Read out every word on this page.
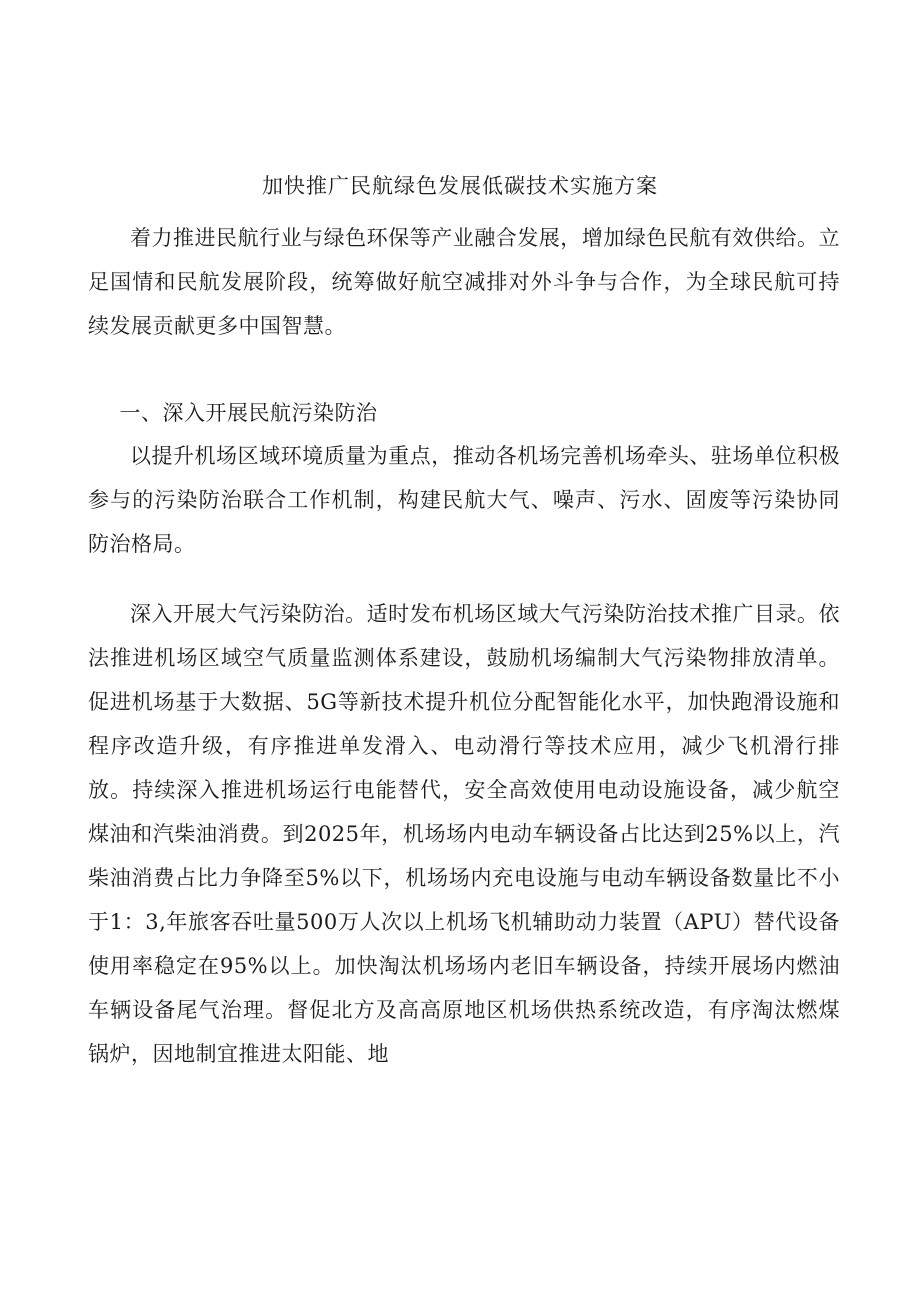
加快推广民航绿色发展低碳技术实施方案

着力推进民航行业与绿色环保等产业融合发展，增加绿色民航有效供给。立足国情和民航发展阶段，统筹做好航空减排对外斗争与合作，为全球民航可持续发展贡献更多中国智慧。

一、深入开展民航污染防治

以提升机场区域环境质量为重点，推动各机场完善机场牵头、驻场单位积极参与的污染防治联合工作机制，构建民航大气、噪声、污水、固废等污染协同防治格局。

深入开展大气污染防治。适时发布机场区域大气污染防治技术推广目录。依法推进机场区域空气质量监测体系建设，鼓励机场编制大气污染物排放清单。促进机场基于大数据、5G等新技术提升机位分配智能化水平，加快跑滑设施和程序改造升级，有序推进单发滑入、电动滑行等技术应用，减少飞机滑行排放。持续深入推进机场运行电能替代，安全高效使用电动设施设备，减少航空煤油和汽柴油消费。到2025年，机场场内电动车辆设备占比达到25%以上，汽柴油消费占比力争降至5%以下，机场场内充电设施与电动车辆设备数量比不小于1：3,年旅客吞吐量500万人次以上机场飞机辅助动力装置（APU）替代设备使用率稳定在95%以上。加快淘汰机场场内老旧车辆设备，持续开展场内燃油车辆设备尾气治理。督促北方及高高原地区机场供热系统改造，有序淘汰燃煤锅炉，因地制宜推进太阳能、地
